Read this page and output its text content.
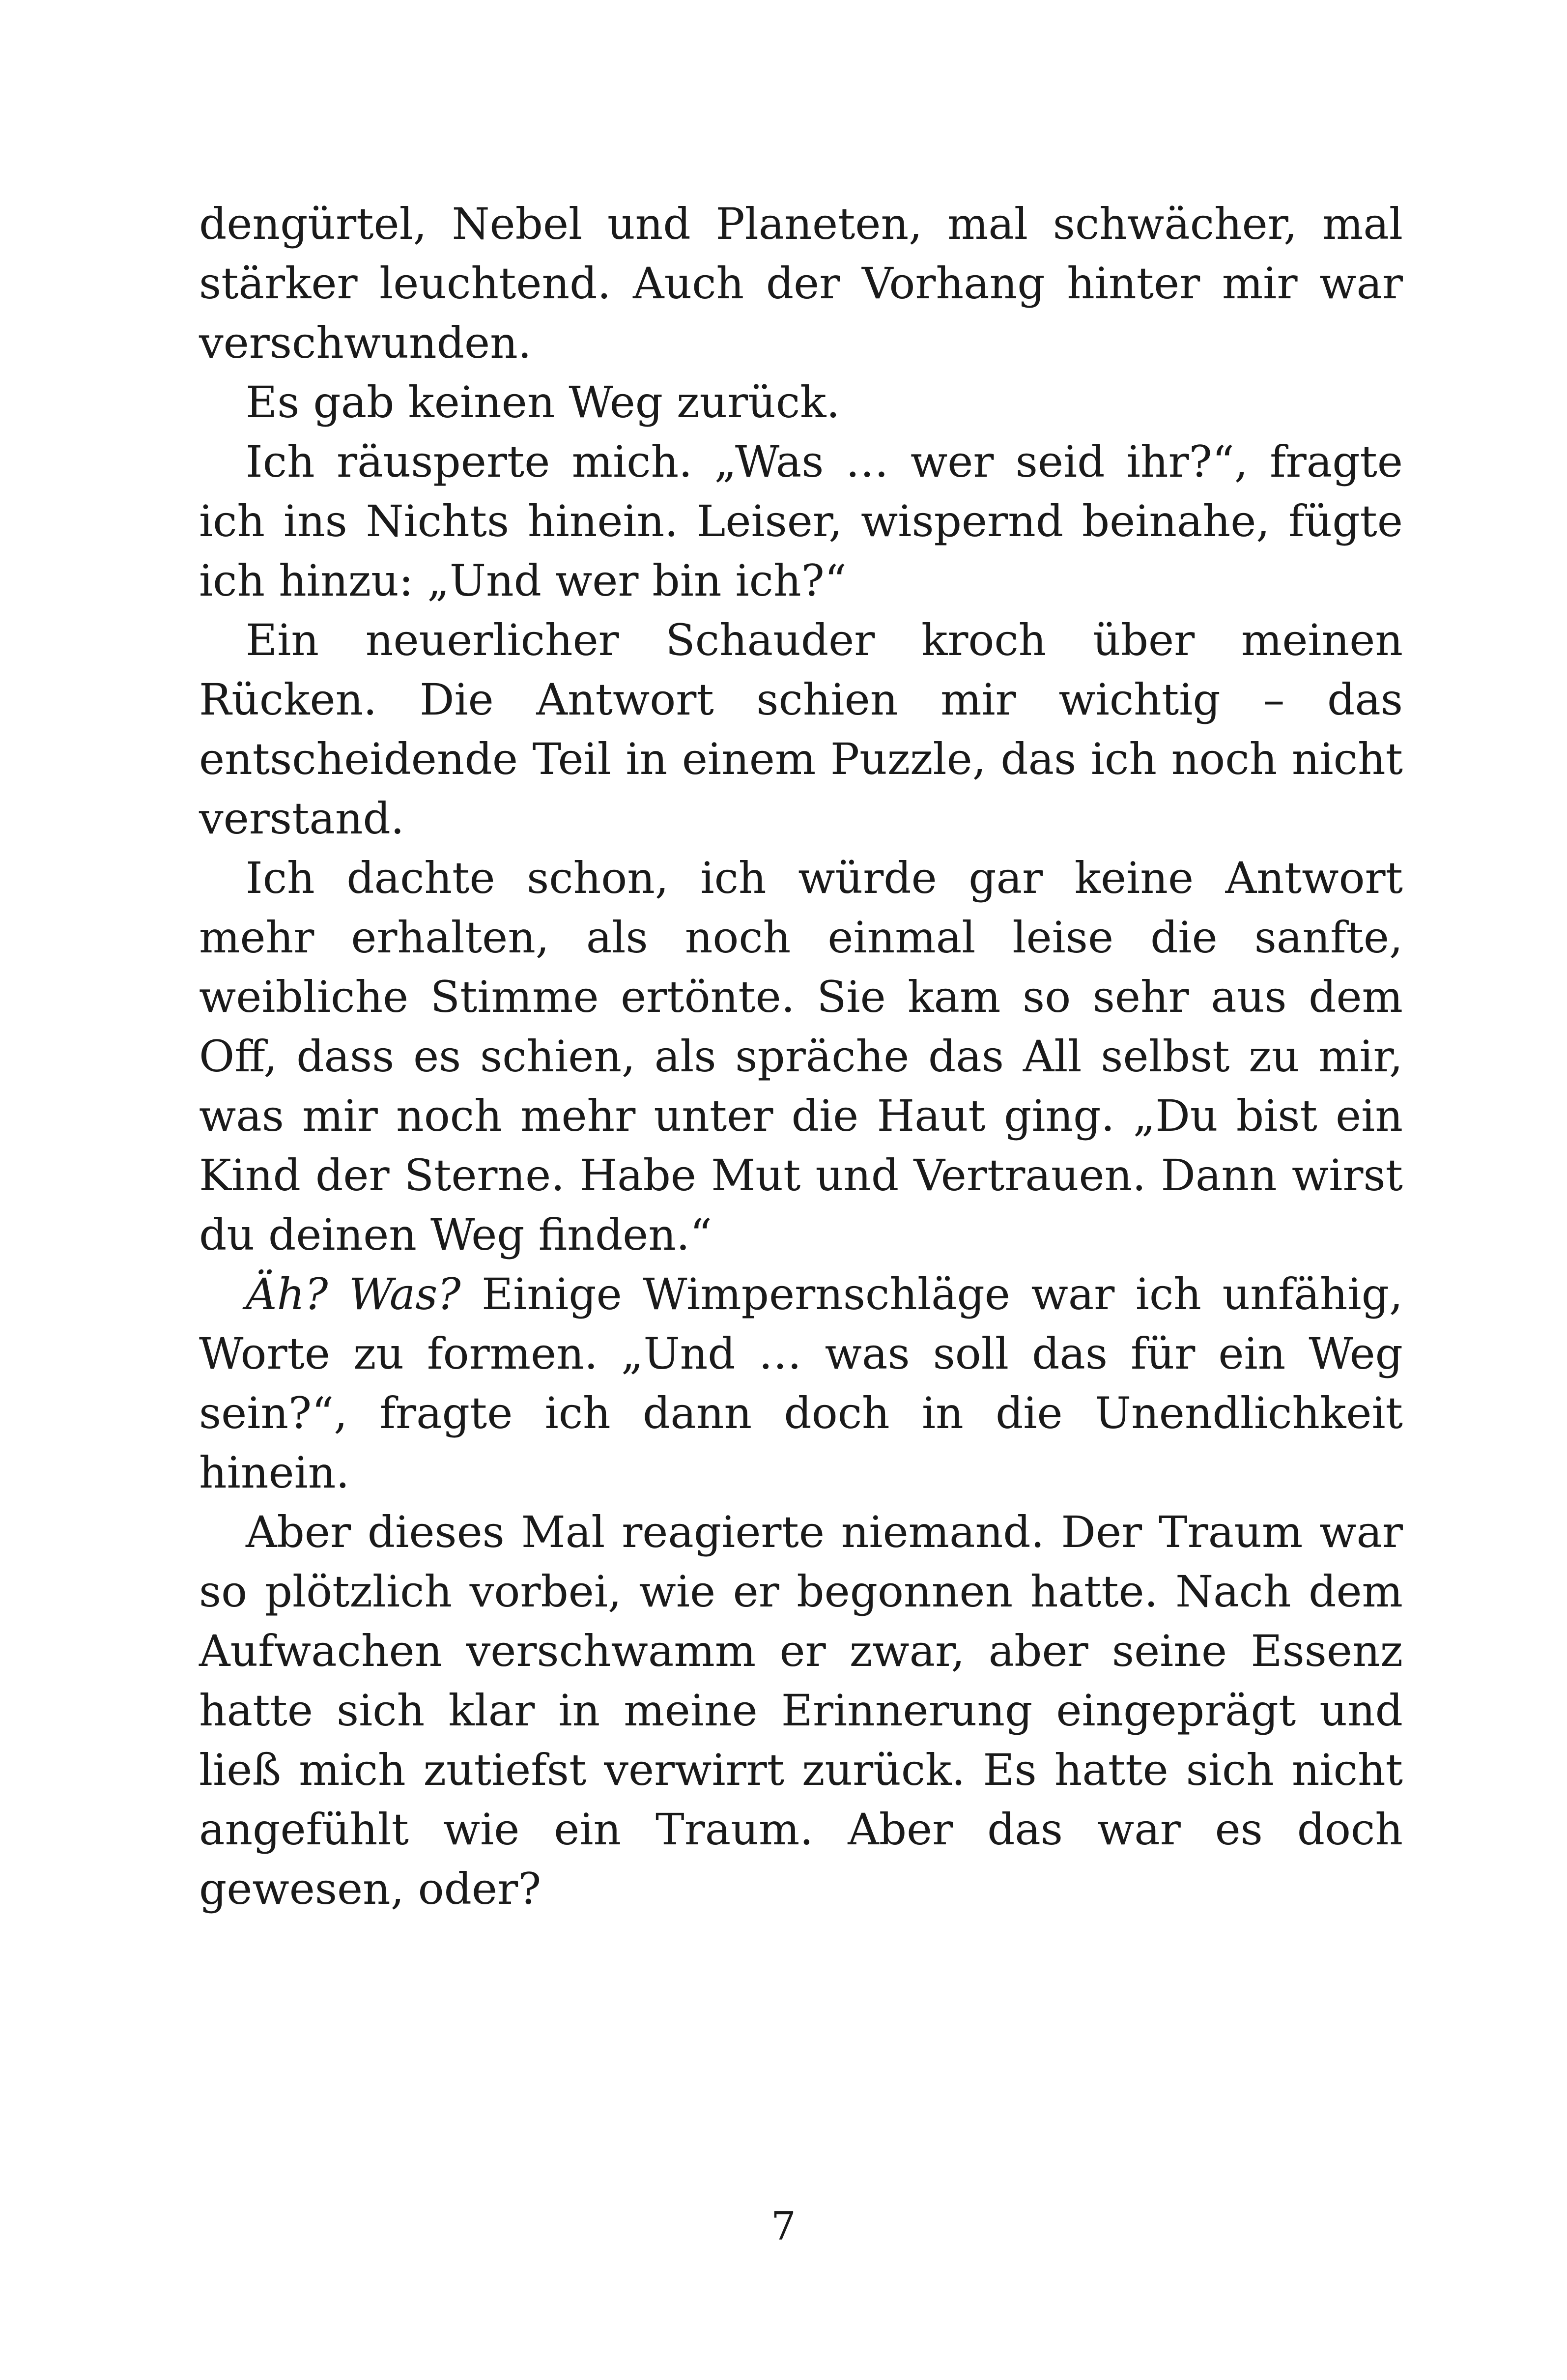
dengürtel, Nebel und Planeten, mal schwächer, mal stärker leuchtend. Auch der Vorhang hinter mir war verschwunden.

Es gab keinen Weg zurück.

Ich räusperte mich. „Was … wer seid ihr?“, fragte ich ins Nichts hinein. Leiser, wispernd beinahe, fügte ich hinzu: „Und wer bin ich?“

Ein neuerlicher Schauder kroch über meinen Rücken. Die Antwort schien mir wichtig – das entscheidende Teil in einem Puzzle, das ich noch nicht verstand.

Ich dachte schon, ich würde gar keine Antwort mehr erhalten, als noch einmal leise die sanfte, weibliche Stimme ertönte. Sie kam so sehr aus dem Off, dass es schien, als spräche das All selbst zu mir, was mir noch mehr unter die Haut ging. „Du bist ein Kind der Sterne. Habe Mut und Vertrauen. Dann wirst du deinen Weg finden.“

Äh? Was? Einige Wimpernschläge war ich unfähig, Worte zu formen. „Und … was soll das für ein Weg sein?“, fragte ich dann doch in die Unendlichkeit hinein.

Aber dieses Mal reagierte niemand. Der Traum war so plötzlich vorbei, wie er begonnen hatte. Nach dem Aufwachen verschwamm er zwar, aber seine Essenz hatte sich klar in meine Erinnerung eingeprägt und ließ mich zutiefst verwirrt zurück. Es hatte sich nicht angefühlt wie ein Traum. Aber das war es doch gewesen, oder?

7
